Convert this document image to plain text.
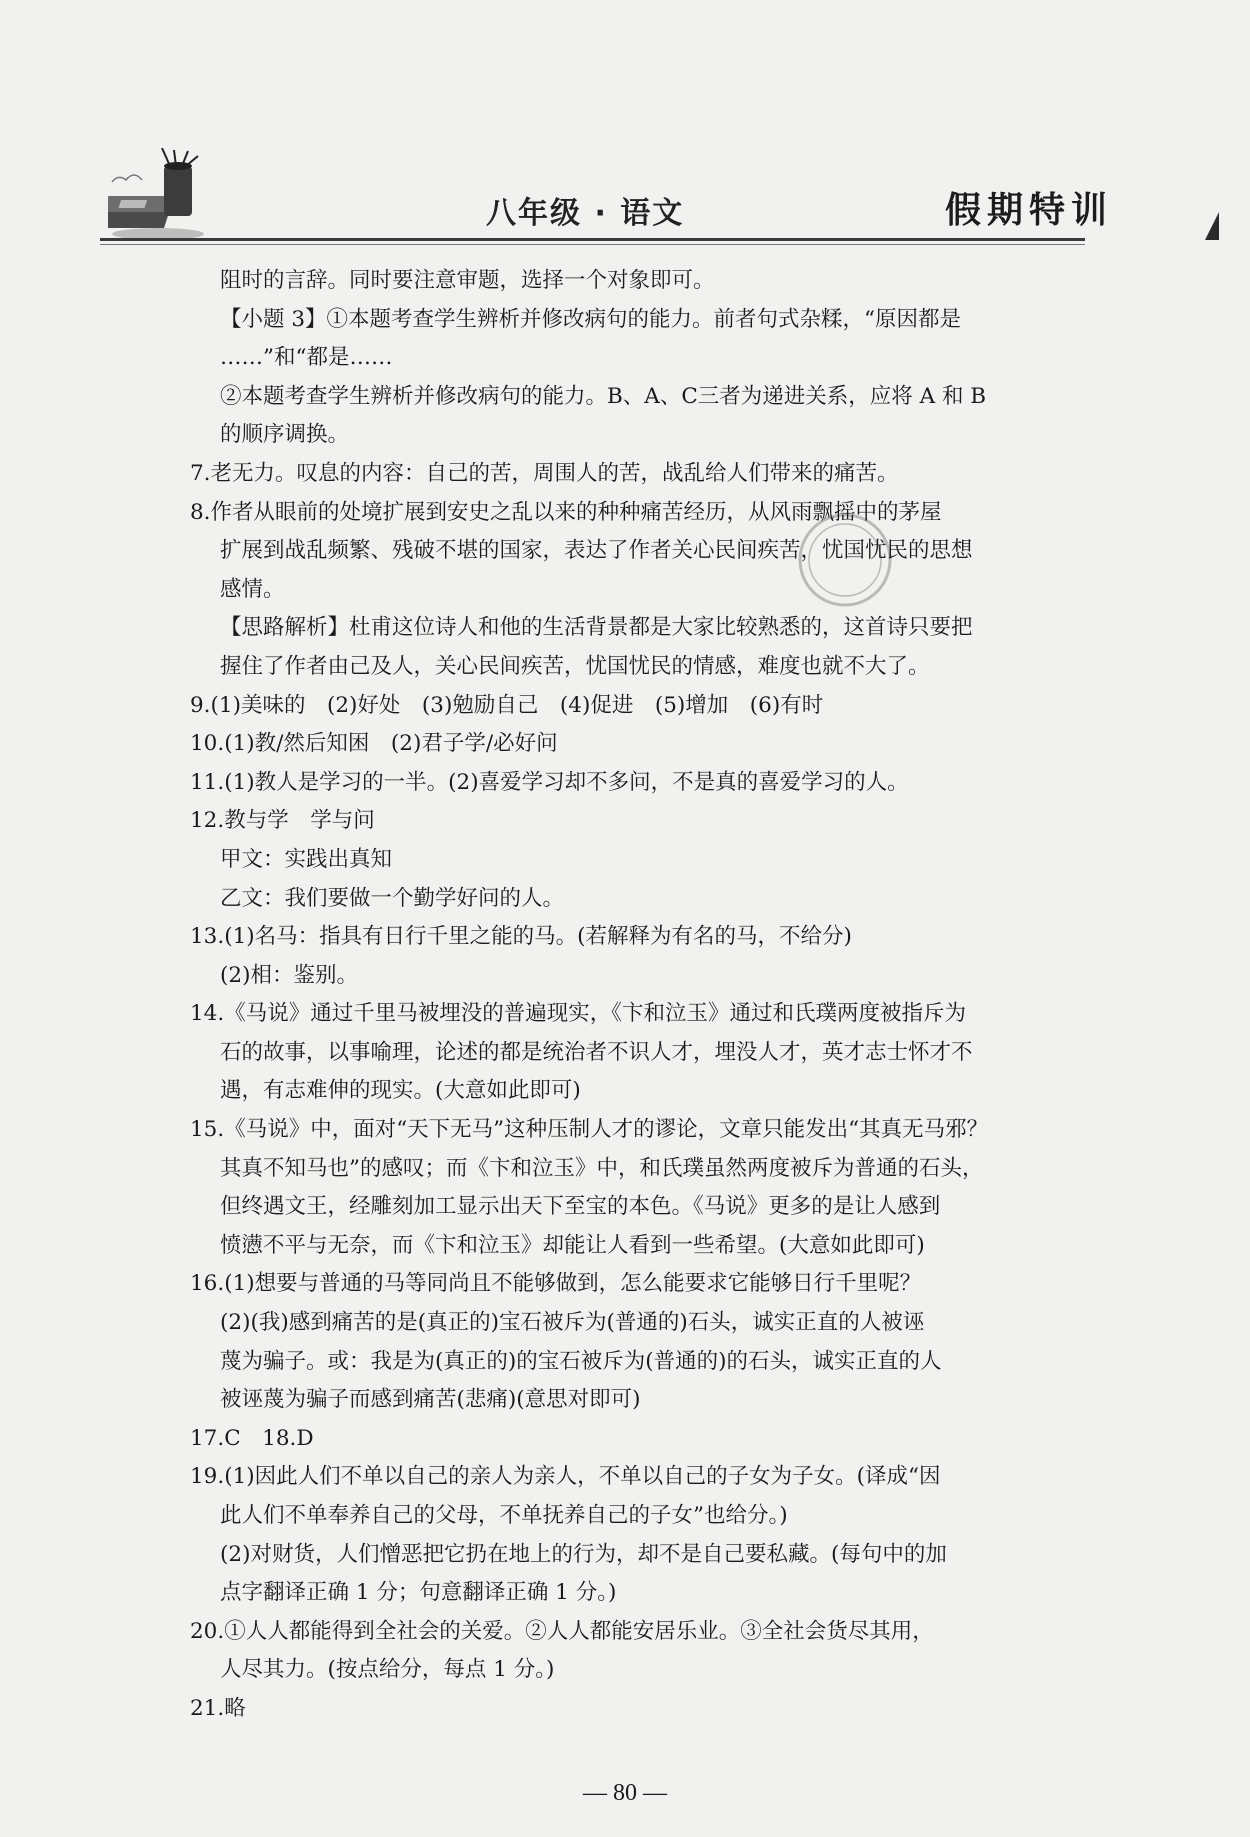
八年级 · 语文	假期特训
阻时的言辞。同时要注意审题，选择一个对象即可。
【小题 3】①本题考查学生辨析并修改病句的能力。前者句式杂糅，“原因都是
……”和“都是……
②本题考查学生辨析并修改病句的能力。B、A、C三者为递进关系，应将 A 和 B
的顺序调换。
7.老无力。叹息的内容：自己的苦，周围人的苦，战乱给人们带来的痛苦。
8.作者从眼前的处境扩展到安史之乱以来的种种痛苦经历，从风雨飘摇中的茅屋
扩展到战乱频繁、残破不堪的国家，表达了作者关心民间疾苦，忧国忧民的思想
感情。
【思路解析】杜甫这位诗人和他的生活背景都是大家比较熟悉的，这首诗只要把
握住了作者由己及人，关心民间疾苦，忧国忧民的情感，难度也就不大了。
9.(1)美味的　(2)好处　(3)勉励自己　(4)促进　(5)增加　(6)有时
10.(1)教/然后知困　(2)君子学/必好问
11.(1)教人是学习的一半。(2)喜爱学习却不多问，不是真的喜爱学习的人。
12.教与学　学与问
甲文：实践出真知
乙文：我们要做一个勤学好问的人。
13.(1)名马：指具有日行千里之能的马。(若解释为有名的马，不给分)
(2)相：鉴别。
14.《马说》通过千里马被埋没的普遍现实，《卞和泣玉》通过和氏璞两度被指斥为
石的故事，以事喻理，论述的都是统治者不识人才，埋没人才，英才志士怀才不
遇，有志难伸的现实。(大意如此即可)
15.《马说》中，面对“天下无马”这种压制人才的谬论，文章只能发出“其真无马邪？
其真不知马也”的感叹；而《卞和泣玉》中，和氏璞虽然两度被斥为普通的石头，
但终遇文王，经雕刻加工显示出天下至宝的本色。《马说》更多的是让人感到
愤懑不平与无奈，而《卞和泣玉》却能让人看到一些希望。(大意如此即可)
16.(1)想要与普通的马等同尚且不能够做到，怎么能要求它能够日行千里呢？
(2)(我)感到痛苦的是(真正的)宝石被斥为(普通的)石头，诚实正直的人被诬
蔑为骗子。或：我是为(真正的)的宝石被斥为(普通的)的石头，诚实正直的人
被诬蔑为骗子而感到痛苦(悲痛)(意思对即可)
17.C　18.D
19.(1)因此人们不单以自己的亲人为亲人，不单以自己的子女为子女。(译成“因
此人们不单奉养自己的父母，不单抚养自己的子女”也给分。)
(2)对财货，人们憎恶把它扔在地上的行为，却不是自己要私藏。(每句中的加
点字翻译正确 1 分；句意翻译正确 1 分。)
20.①人人都能得到全社会的关爱。②人人都能安居乐业。③全社会货尽其用，
人尽其力。(按点给分，每点 1 分。)
21.略
— 80 —
